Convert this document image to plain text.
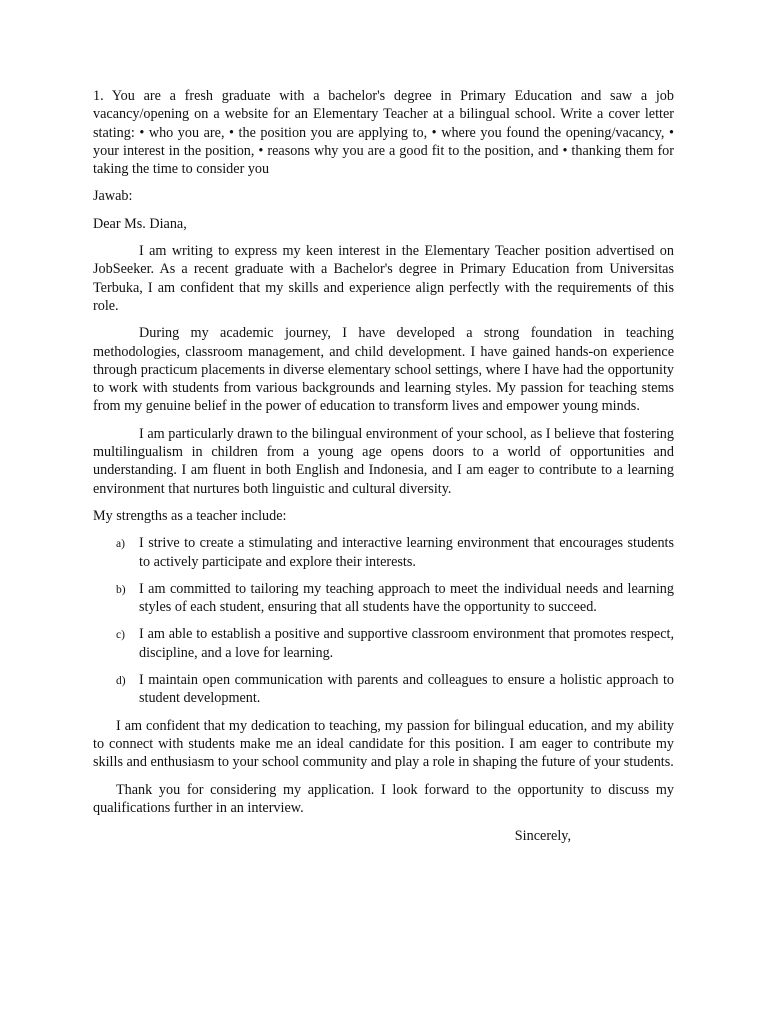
1. You are a fresh graduate with a bachelor's degree in Primary Education and saw a job vacancy/opening on a website for an Elementary Teacher at a bilingual school. Write a cover letter stating: • who you are, • the position you are applying to, • where you found the opening/vacancy, • your interest in the position, • reasons why you are a good fit to the position, and • thanking them for taking the time to consider you

Jawab:

Dear Ms. Diana,

I am writing to express my keen interest in the Elementary Teacher position advertised on JobSeeker. As a recent graduate with a Bachelor's degree in Primary Education from Universitas Terbuka, I am confident that my skills and experience align perfectly with the requirements of this role.

During my academic journey, I have developed a strong foundation in teaching methodologies, classroom management, and child development. I have gained hands-on experience through practicum placements in diverse elementary school settings, where I have had the opportunity to work with students from various backgrounds and learning styles. My passion for teaching stems from my genuine belief in the power of education to transform lives and empower young minds.

I am particularly drawn to the bilingual environment of your school, as I believe that fostering multilingualism in children from a young age opens doors to a world of opportunities and understanding. I am fluent in both English and Indonesia, and I am eager to contribute to a learning environment that nurtures both linguistic and cultural diversity.

My strengths as a teacher include:

a) I strive to create a stimulating and interactive learning environment that encourages students to actively participate and explore their interests.
b) I am committed to tailoring my teaching approach to meet the individual needs and learning styles of each student, ensuring that all students have the opportunity to succeed.
c) I am able to establish a positive and supportive classroom environment that promotes respect, discipline, and a love for learning.
d) I maintain open communication with parents and colleagues to ensure a holistic approach to student development.

I am confident that my dedication to teaching, my passion for bilingual education, and my ability to connect with students make me an ideal candidate for this position. I am eager to contribute my skills and enthusiasm to your school community and play a role in shaping the future of your students.

Thank you for considering my application. I look forward to the opportunity to discuss my qualifications further in an interview.

Sincerely,
